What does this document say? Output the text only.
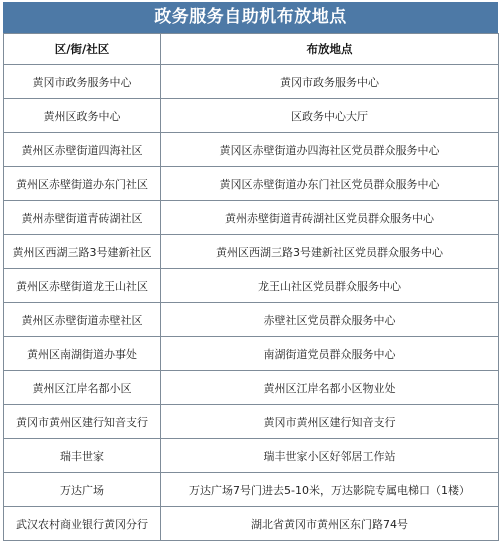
政务服务自助机布放地点
区/街/社区	布放地点
黄冈市政务服务中心	黄冈市政务服务中心
黄州区政务中心	区政务中心大厅
黄州区赤壁街道四海社区	黄冈区赤壁街道办四海社区党员群众服务中心
黄州区赤壁街道办东门社区	黄冈区赤壁街道办东门社区党员群众服务中心
黄州赤壁街道青砖湖社区	黄州赤壁街道青砖湖社区党员群众服务中心
黄州区西湖三路3号建新社区	黄州区西湖三路3号建新社区党员群众服务中心
黄州区赤壁街道龙王山社区	龙王山社区党员群众服务中心
黄州区赤壁街道赤壁社区	赤壁社区党员群众服务中心
黄州区南湖街道办事处	南湖街道党员群众服务中心
黄州区江岸名都小区	黄州区江岸名都小区物业处
黄冈市黄州区建行知音支行	黄冈市黄州区建行知音支行
瑞丰世家	瑞丰世家小区好邻居工作站
万达广场	万达广场7号门进去5-10米，万达影院专属电梯口（1楼）
武汉农村商业银行黄冈分行	湖北省黄冈市黄州区东门路74号
